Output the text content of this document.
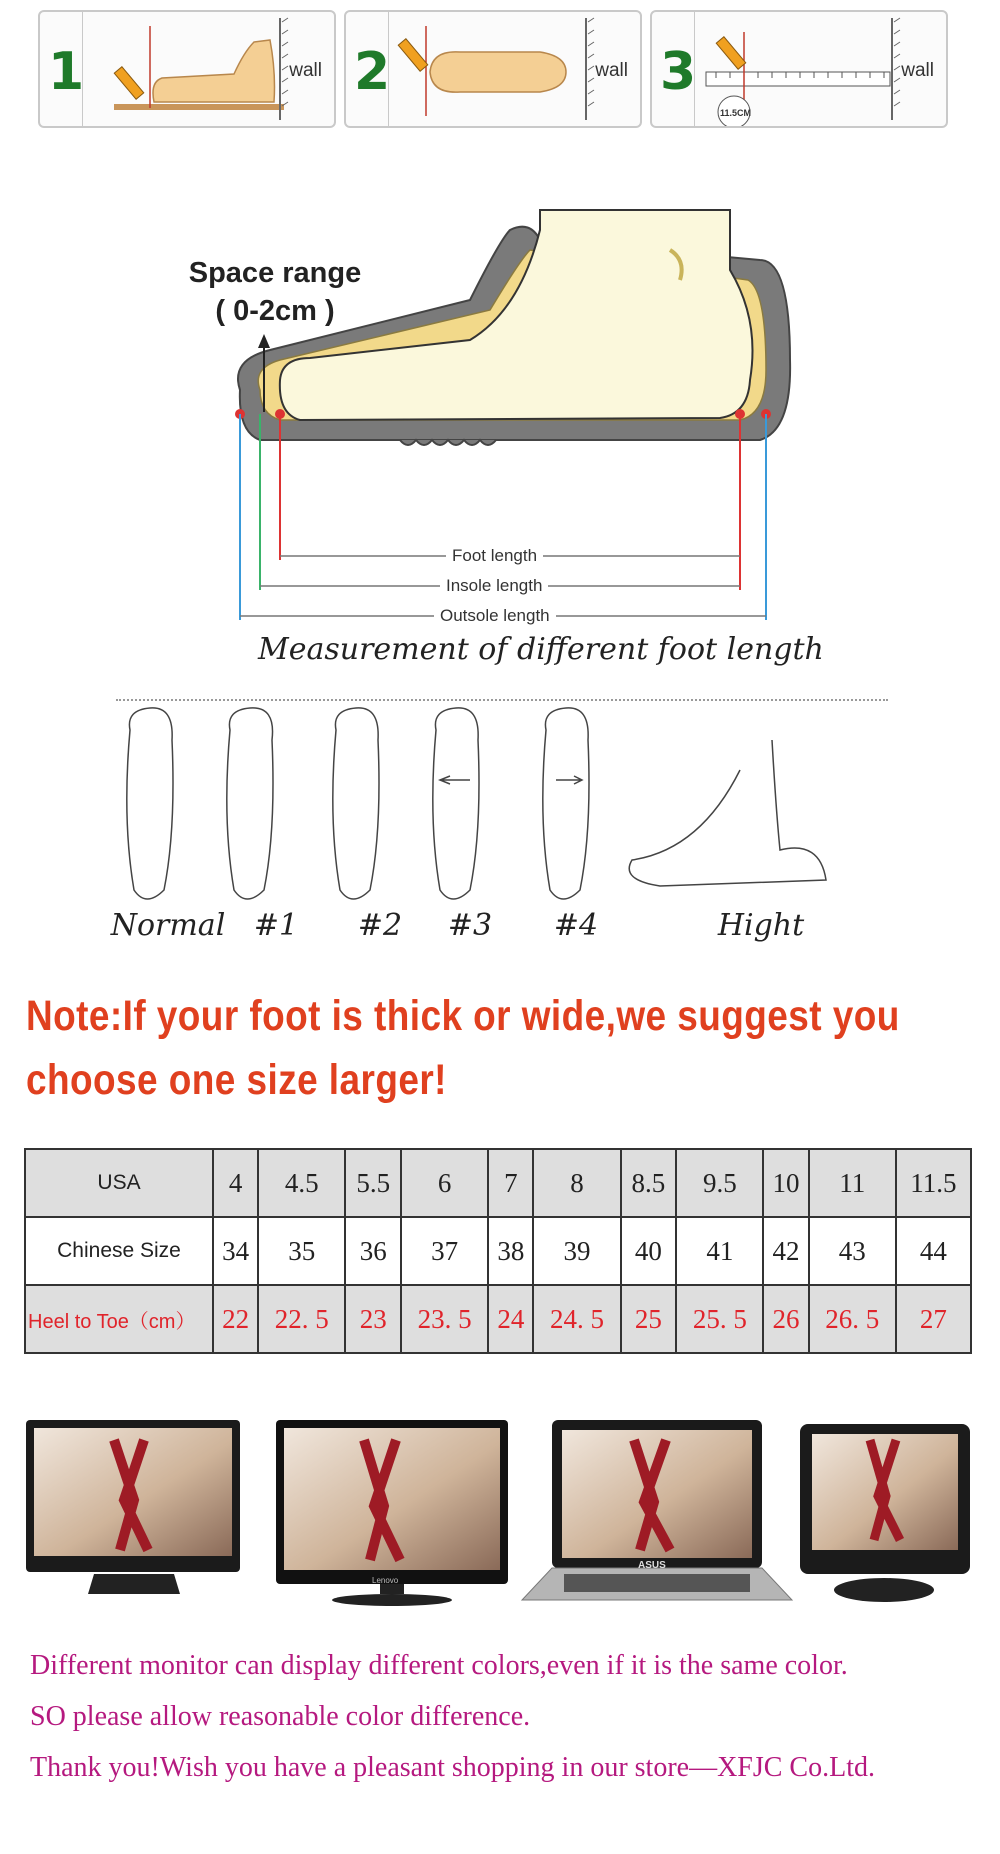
1	wall 2	wall 3
11.5CM
wall
Space range
( 0-2cm )
Foot length
Insole length
Outsole length
Measurement of different foot length
Normal #1 #2 #3 #4	Hight
Note:If your foot is thick or wide,we suggest you
choose one size larger!
USA	4	4.5	5.5	6	7	8	8.5	9.5	10	11	11.5
Chinese Size	34	35	36	37	38	39	40	41	42	43	44
Heel to Toe（cm）	22	22. 5	23	23. 5	24	24. 5	25	25. 5	26	26. 5	27
Lenovo
ASUS
Different monitor can display different colors,even if it is the same color.
SO please allow reasonable color difference.
Thank you!Wish you have a pleasant shopping in our store—XFJC Co.Ltd.
